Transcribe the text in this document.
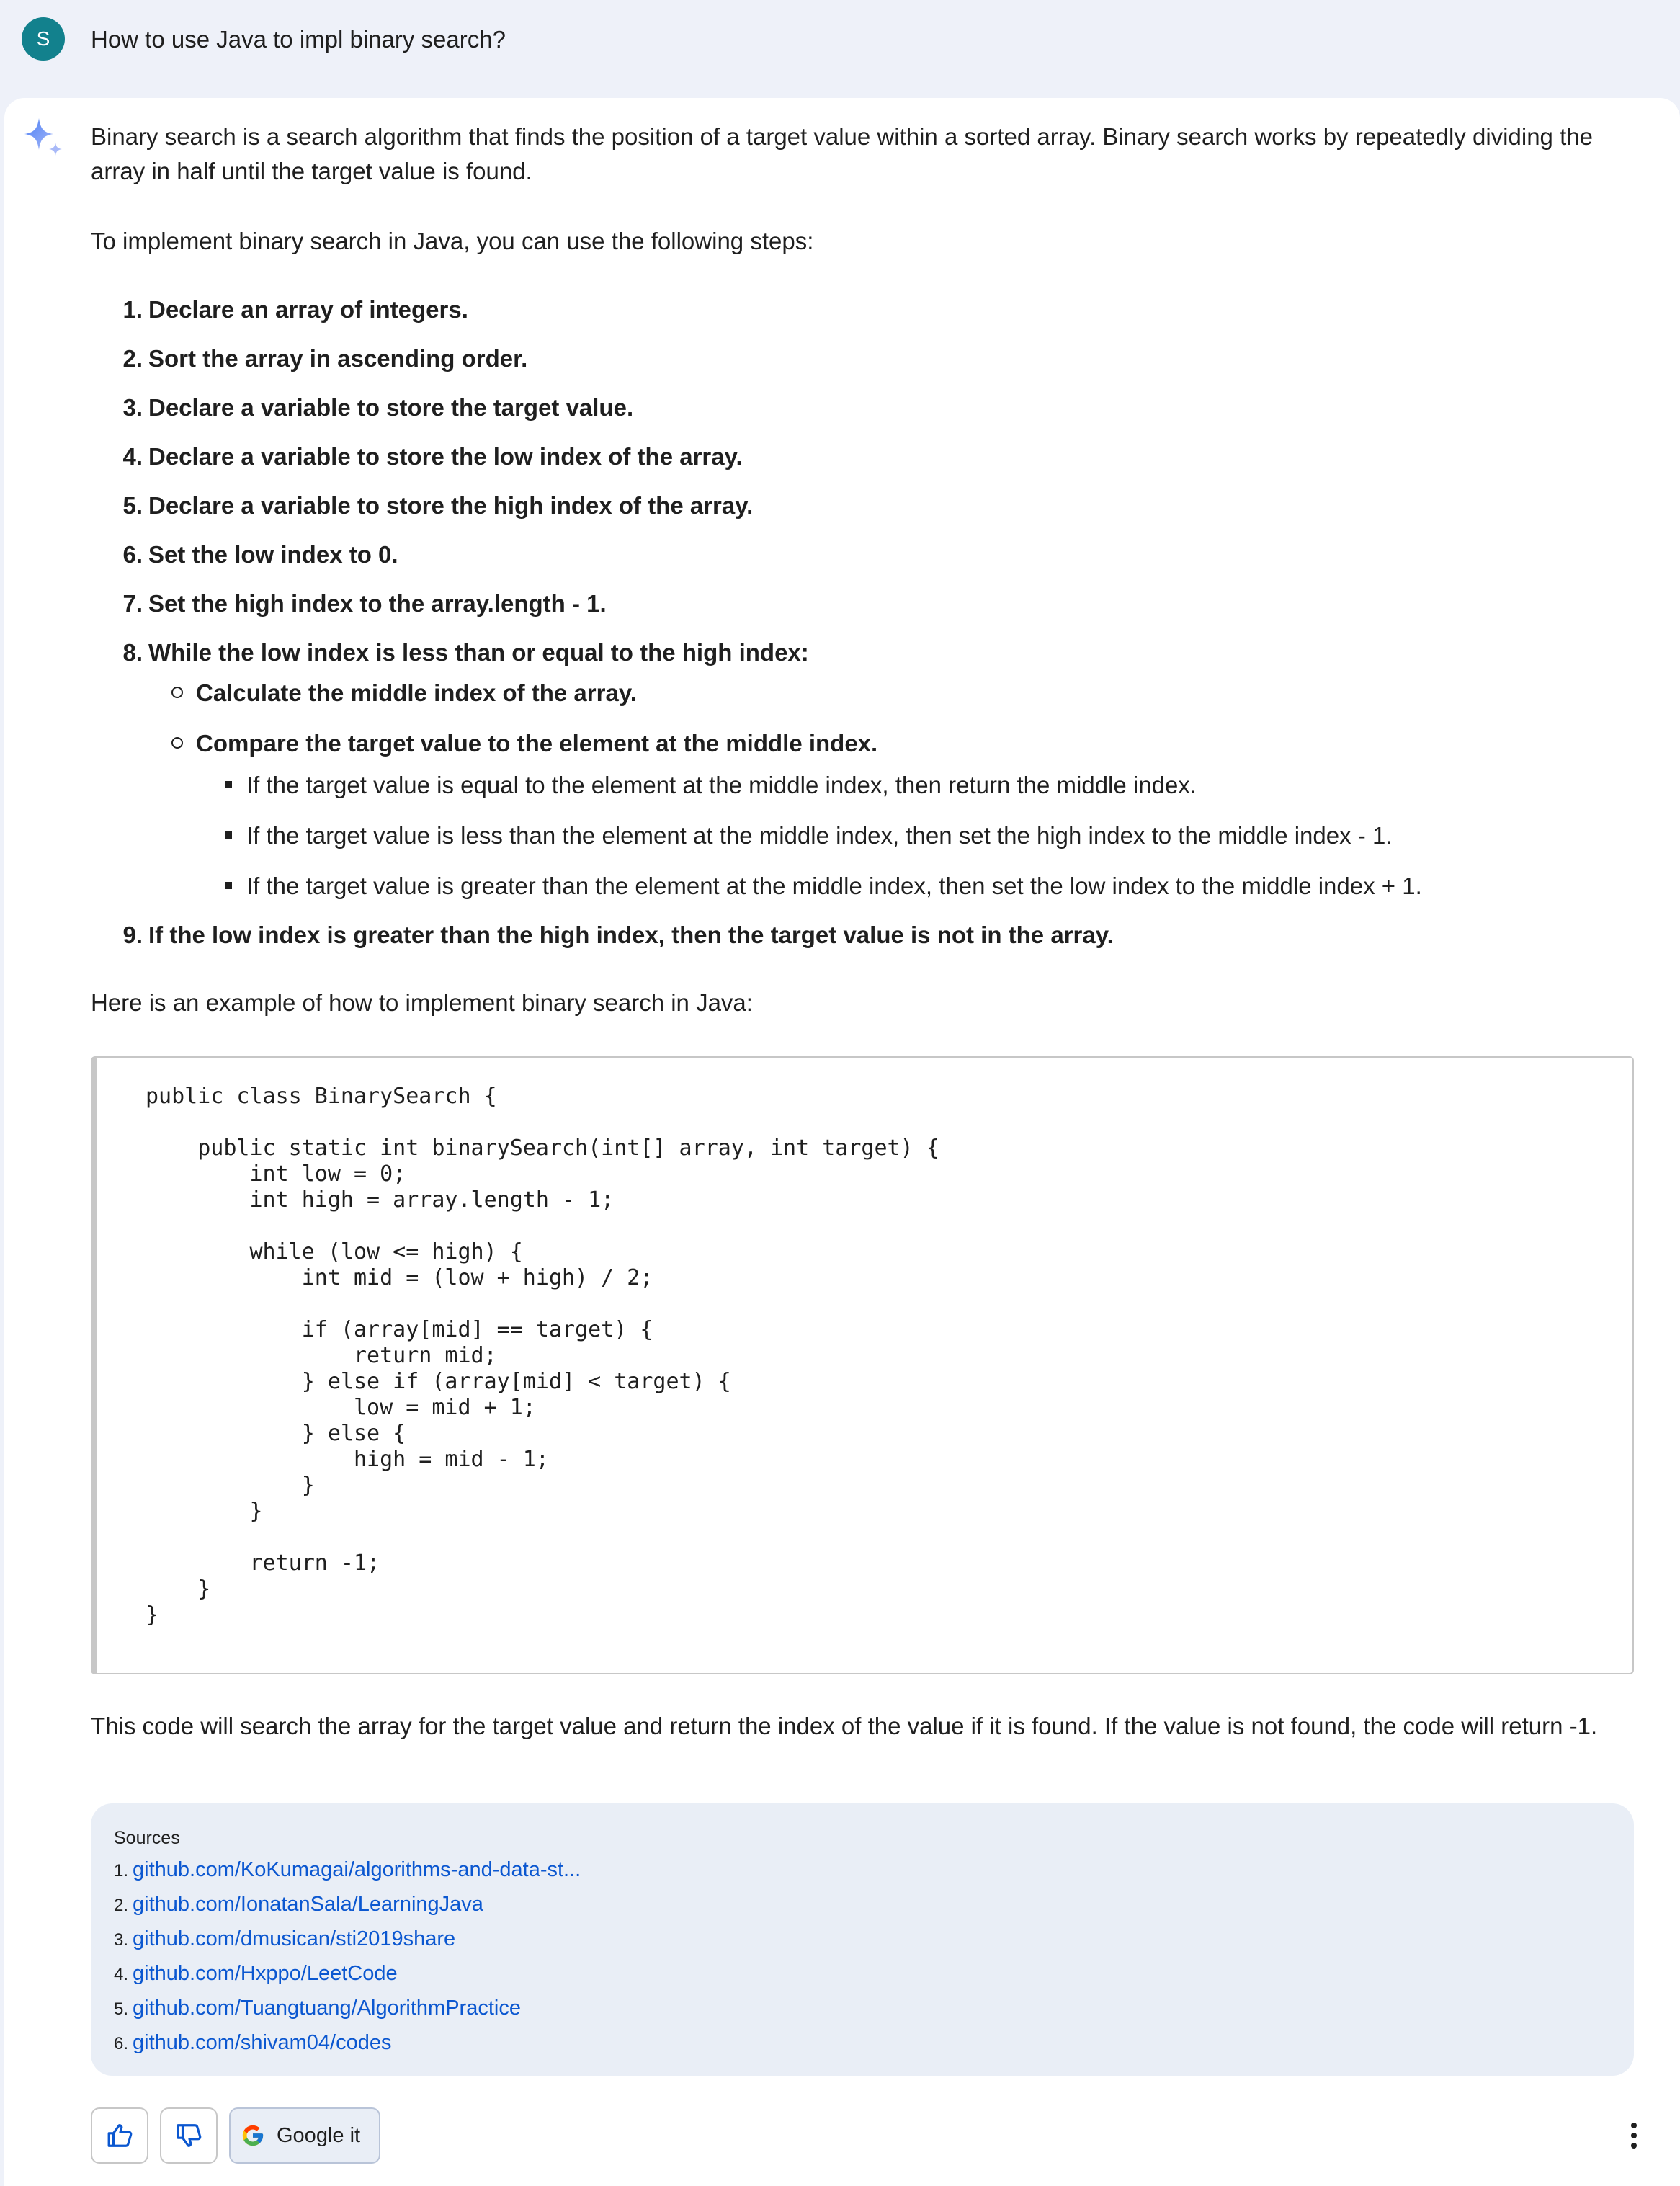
S	How to use Java to impl binary search?

Binary search is a search algorithm that finds the position of a target value within a sorted array. Binary search works by repeatedly dividing the array in half until the target value is found.

To implement binary search in Java, you can use the following steps:

1. Declare an array of integers.
2. Sort the array in ascending order.
3. Declare a variable to store the target value.
4. Declare a variable to store the low index of the array.
5. Declare a variable to store the high index of the array.
6. Set the low index to 0.
7. Set the high index to the array.length - 1.
8. While the low index is less than or equal to the high index:
Calculate the middle index of the array.
Compare the target value to the element at the middle index.
If the target value is equal to the element at the middle index, then return the middle index.
If the target value is less than the element at the middle index, then set the high index to the middle index - 1.
If the target value is greater than the element at the middle index, then set the low index to the middle index + 1.
9. If the low index is greater than the high index, then the target value is not in the array.

Here is an example of how to implement binary search in Java:

public class BinarySearch {

public static int binarySearch(int[] array, int target) {
int low = 0;
int high = array.length - 1;

while (low <= high) {
int mid = (low + high) / 2;

if (array[mid] == target) {
return mid;
} else if (array[mid] < target) {
low = mid + 1;
} else {
high = mid - 1;
}
}

return -1;
}
}

This code will search the array for the target value and return the index of the value if it is found. If the value is not found, the code will return -1.

Sources
1. github.com/KoKumagai/algorithms-and-data-st...
2. github.com/IonatanSala/LearningJava
3. github.com/dmusican/sti2019share
4. github.com/Hxppo/LeetCode
5. github.com/Tuangtuang/AlgorithmPractice
6. github.com/shivam04/codes
Google it
